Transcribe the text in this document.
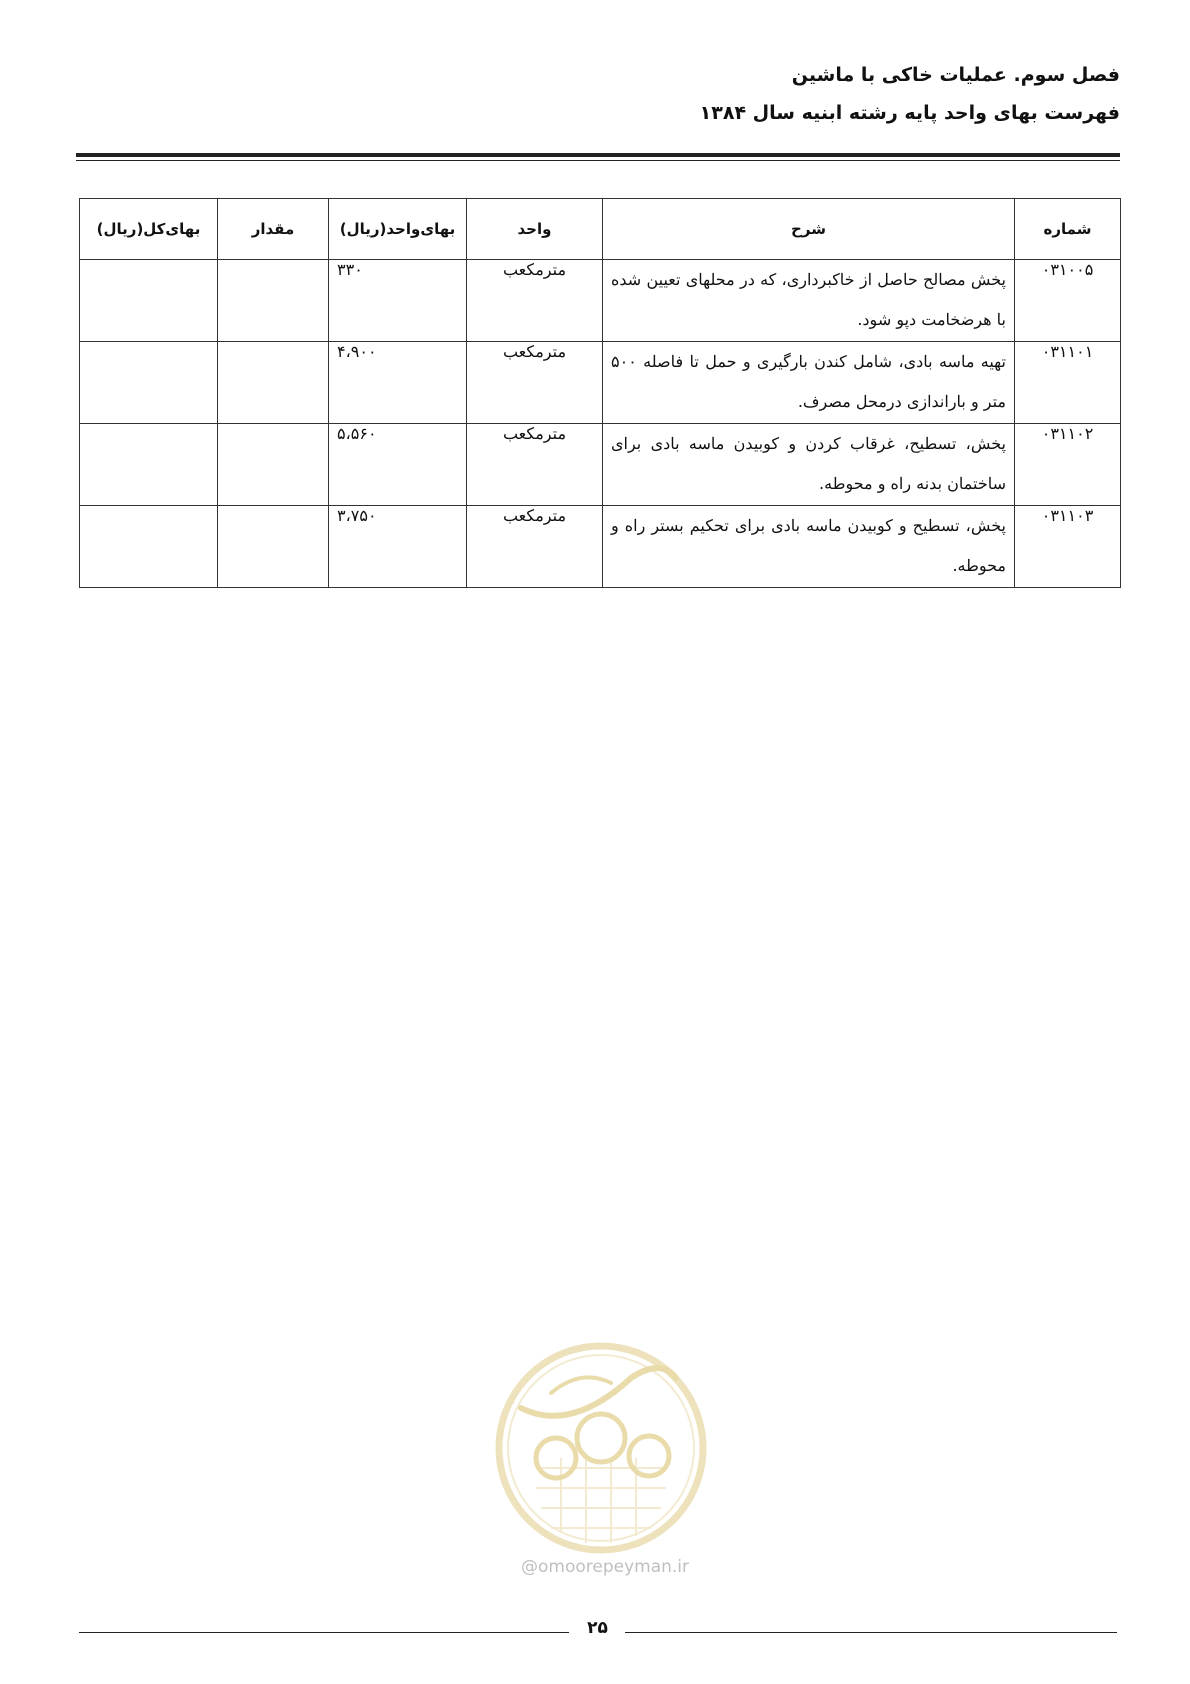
فصل سوم. عملیات خاکی با ماشین
فهرست بهای واحد پایه رشته ابنیه سال ۱۳۸۴
شماره	شرح	واحد	بهای‌واحد(ریال)	مقدار	بهای‌کل(ریال)
۰۳۱۰۰۵	پخش مصالح حاصل از خاکبرداری، که در محلهای تعیین شده با هرضخامت دپو شود.	مترمکعب	۳۳۰		
۰۳۱۱۰۱	تهیه ماسه بادی، شامل کندن بارگیری و حمل تا فاصله ۵۰۰ متر و باراندازی درمحل مصرف.	مترمکعب	۴،۹۰۰		
۰۳۱۱۰۲	پخش، تسطیح، غرقاب کردن و کوبیدن ماسه بادی برای ساختمان بدنه راه و محوطه.	مترمکعب	۵،۵۶۰		
۰۳۱۱۰۳	پخش، تسطیح و کوبیدن ماسه بادی برای تحکیم بستر راه و محوطه.	مترمکعب	۳،۷۵۰		
@omoorepeyman.ir
۲۵
